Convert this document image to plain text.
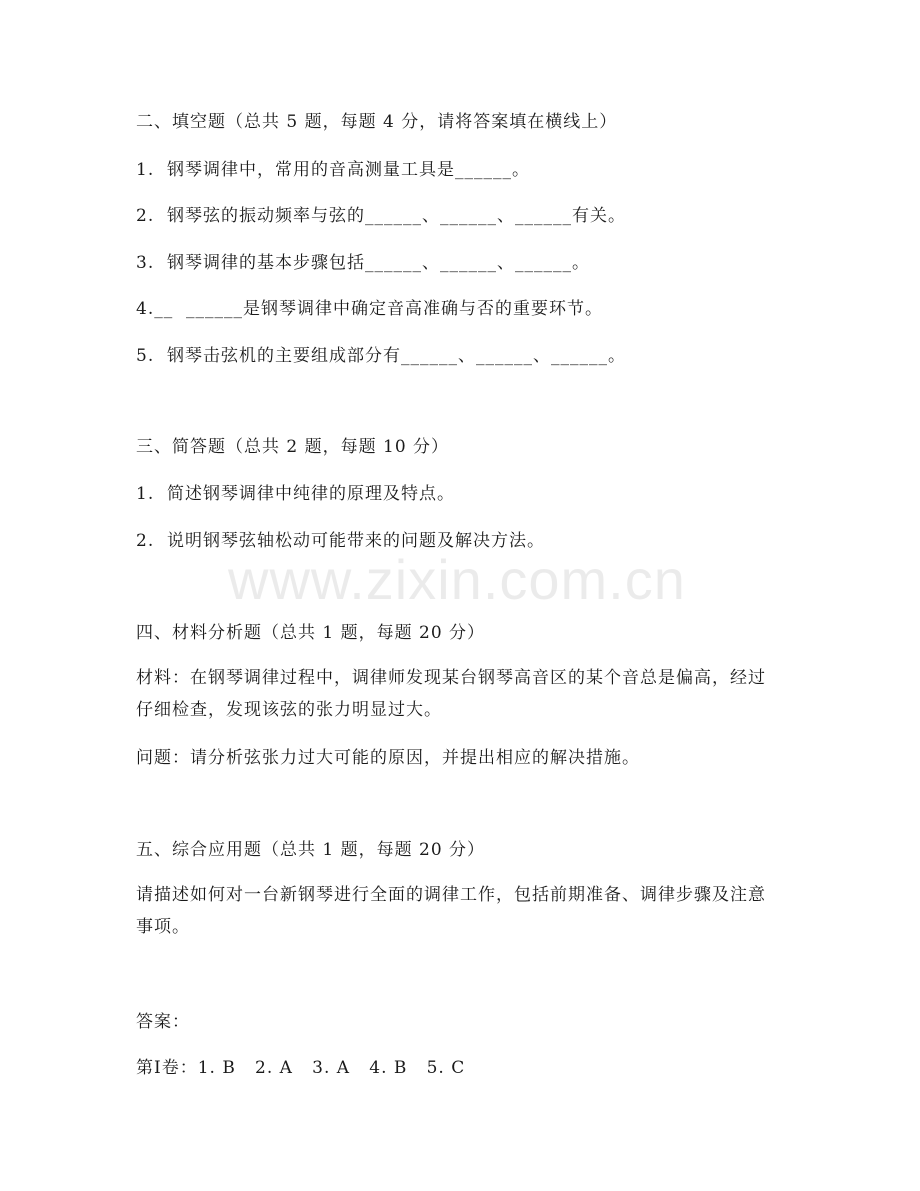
二、填空题（总共 5 题，每题 4 分，请将答案填在横线上）
1.  钢琴调律中，常用的音高测量工具是______。
2.  钢琴弦的振动频率与弦的______、______、______有关。
3.  钢琴调律的基本步骤包括______、______、______。
4.__  ______是钢琴调律中确定音高准确与否的重要环节。
5.  钢琴击弦机的主要组成部分有______、______、______。
三、简答题（总共 2 题，每题 10 分）
1.  简述钢琴调律中纯律的原理及特点。
2.  说明钢琴弦轴松动可能带来的问题及解决方法。
四、材料分析题（总共 1 题，每题 20 分）
材料：在钢琴调律过程中，调律师发现某台钢琴高音区的某个音总是偏高，经过仔细检查，发现该弦的张力明显过大。
问题：请分析弦张力过大可能的原因，并提出相应的解决措施。
五、综合应用题（总共 1 题，每题 20 分）
请描述如何对一台新钢琴进行全面的调律工作，包括前期准备、调律步骤及注意事项。
答案：
第Ⅰ卷：1. B   2. A   3. A   4. B   5. C
www.zixin.com.cn
